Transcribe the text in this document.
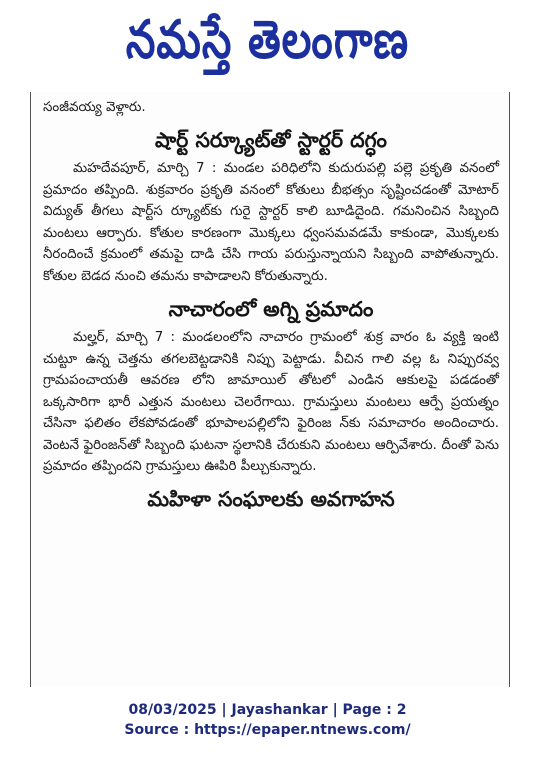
నమస్తే తెలంగాణ

సంజీవయ్య వెళ్లారు.

షార్ట్ సర్క్యూట్‌తో స్టార్టర్ దగ్ధం

మహదేవపూర్, మార్చి 7 : మండల పరిధిలోని కుదురుపల్లి పల్లె ప్రకృతి వనంలో ప్రమాదం తప్పింది. శుక్రవారం ప్రకృతి వనంలో కోతులు బీభత్సం సృష్టించడంతో మోటార్ విద్యుత్ తీగలు షార్ట్‌స ర్క్యూట్‌కు గురై స్టార్టర్ కాలి బూడిదైంది. గమనించిన సిబ్బంది మంటలు ఆర్పారు. కోతుల కారణంగా మొక్కలు ధ్వంసమవడమే కాకుండా, మొక్కలకు నీరందించే క్రమంలో తమపై దాడి చేసి గాయ పరుస్తున్నాయని సిబ్బంది వాపోతున్నారు. కోతుల బెడద నుంచి తమను కాపాడాలని కోరుతున్నారు.

నాచారంలో అగ్ని ప్రమాదం

మల్హర్, మార్చి 7 : మండలంలోని నాచారం గ్రామంలో శుక్ర వారం ఓ వ్యక్తి ఇంటి చుట్టూ ఉన్న చెత్తను తగలబెట్టడానికి నిప్పు పెట్టాడు. వీచిన గాలి వల్ల ఓ నిప్పురవ్వ గ్రామపంచాయతీ ఆవరణ లోని జామాయిల్ తోటలో ఎండిన ఆకులపై పడడంతో ఒక్కసారిగా భారీ ఎత్తున మంటలు చెలరేగాయి. గ్రామస్తులు మంటలు ఆర్పే ప్రయత్నం చేసినా ఫలితం లేకపోవడంతో భూపాలపల్లిలోని ఫైరింజ న్‌కు సమాచారం అందించారు. వెంటనే ఫైరింజన్‌తో సిబ్బంది ఘటనా స్థలానికి చేరుకుని మంటలు ఆర్పివేశారు. దీంతో పెను ప్రమాదం తప్పిందని గ్రామస్తులు ఊపిరి పీల్చుకున్నారు.

మహిళా సంఘాలకు అవగాహన
08/03/2025 | Jayashankar | Page : 2
Source : https://epaper.ntnews.com/
